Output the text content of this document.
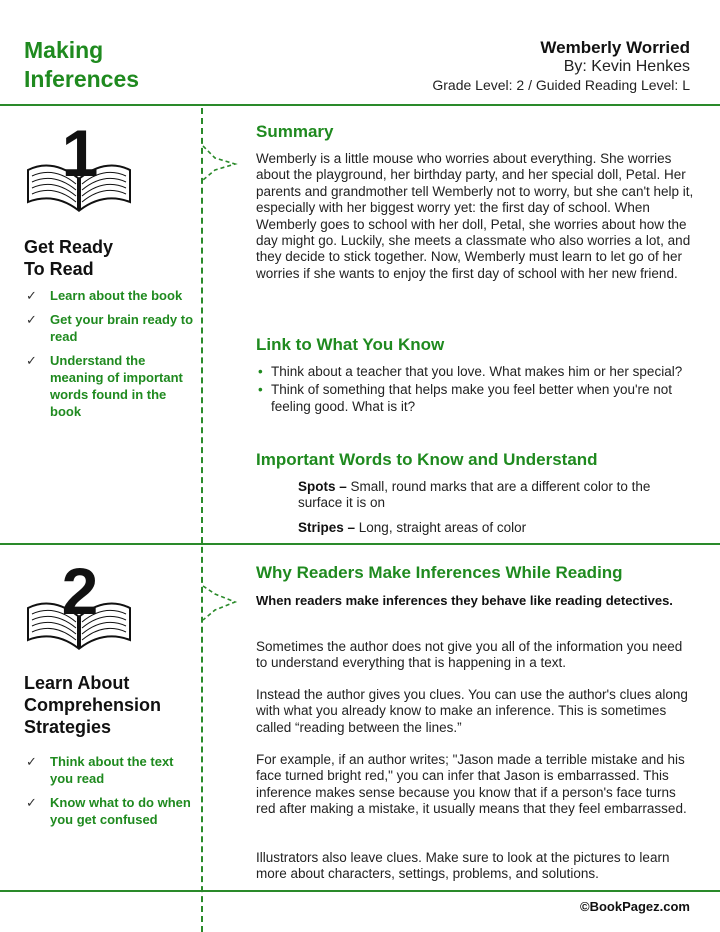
Making
Inferences
Wemberly Worried
By: Kevin Henkes
Grade Level: 2 / Guided Reading Level: L
1
Get Ready
To Read
✓ Learn about the book
✓ Get your brain ready to read
✓ Understand the meaning of important words found in the book
Summary

Wemberly is a little mouse who worries about everything. She worries about the playground, her birthday party, and her special doll, Petal. Her parents and grandmother tell Wemberly not to worry, but she can't help it, especially with her biggest worry yet: the first day of school. When Wemberly goes to school with her doll, Petal, she worries about how the day might go. Luckily, she meets a classmate who also worries a lot, and they decide to stick together. Now, Wemberly must learn to let go of her worries if she wants to enjoy the first day of school with her new friend.

Link to What You Know
• Think about a teacher that you love. What makes him or her special?
• Think of something that helps make you feel better when you're not feeling good. What is it?
Important Words to Know and Understand
Spots – Small, round marks that are a different color to the surface it is on
Stripes – Long, straight areas of color
2
Learn About
Comprehension
Strategies
✓ Think about the text you read
✓ Know what to do when you get confused
Why Readers Make Inferences While Reading

When readers make inferences they behave like reading detectives.

Sometimes the author does not give you all of the information you need to understand everything that is happening in a text.

Instead the author gives you clues. You can use the author's clues along with what you already know to make an inference. This is sometimes called “reading between the lines.”

For example, if an author writes; "Jason made a terrible mistake and his face turned bright red," you can infer that Jason is embarrassed. This inference makes sense because you know that if a person's face turns red after making a mistake, it usually means that they feel embarrassed.

Illustrators also leave clues. Make sure to look at the pictures to learn more about characters, settings, problems, and solutions.

©BookPagez.com
